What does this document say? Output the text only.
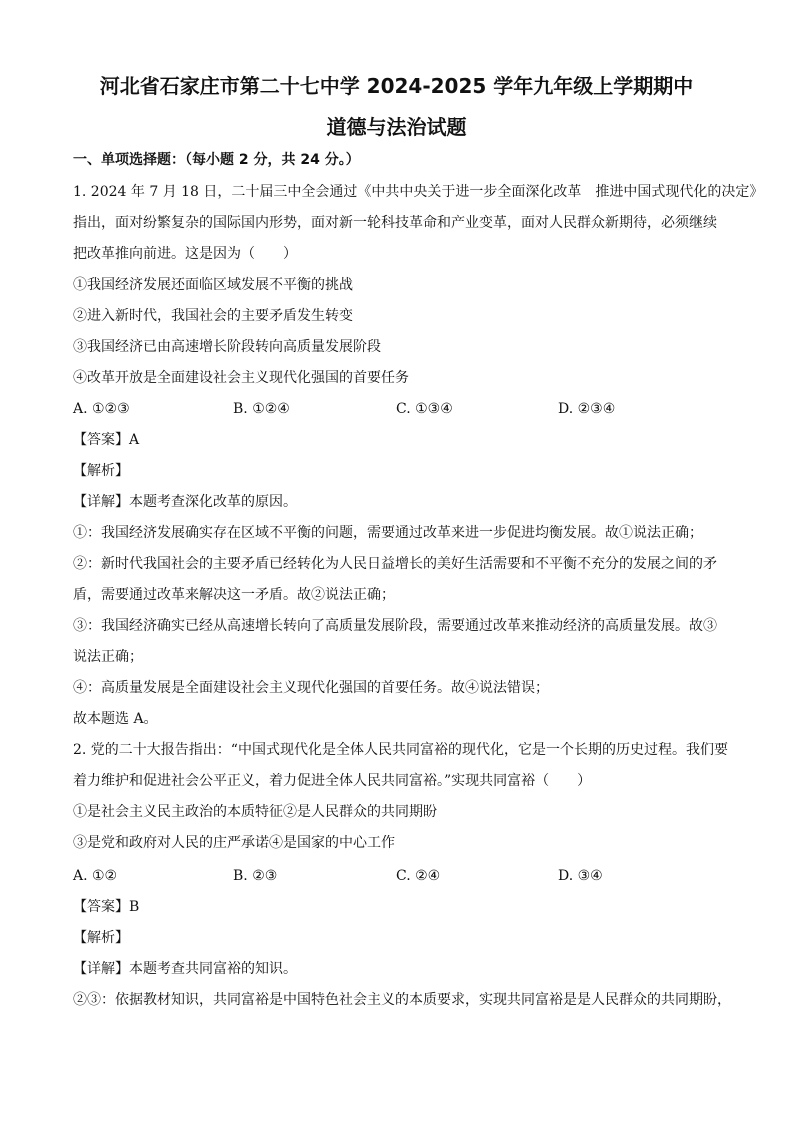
河北省石家庄市第二十七中学 2024-2025 学年九年级上学期期中
道德与法治试题
一、单项选择题：（每小题 2 分，共 24 分。）
1. 2024 年 7 月 18 日，二十届三中全会通过《中共中央关于进一步全面深化改革　推进中国式现代化的决定》
指出，面对纷繁复杂的国际国内形势，面对新一轮科技革命和产业变革，面对人民群众新期待，必须继续
把改革推向前进。这是因为（　　）
①我国经济发展还面临区域发展不平衡的挑战
②进入新时代，我国社会的主要矛盾发生转变
③我国经济已由高速增长阶段转向高质量发展阶段
④改革开放是全面建设社会主义现代化强国的首要任务
A. ①②③	B. ①②④	C. ①③④	D. ②③④
【答案】A
【解析】
【详解】本题考查深化改革的原因。
①：我国经济发展确实存在区域不平衡的问题，需要通过改革来进一步促进均衡发展。故①说法正确；
②：新时代我国社会的主要矛盾已经转化为人民日益增长的美好生活需要和不平衡不充分的发展之间的矛
盾，需要通过改革来解决这一矛盾。故②说法正确；
③：我国经济确实已经从高速增长转向了高质量发展阶段，需要通过改革来推动经济的高质量发展。故③
说法正确；
④：高质量发展是全面建设社会主义现代化强国的首要任务。故④说法错误；
故本题选 A。
2. 党的二十大报告指出：“中国式现代化是全体人民共同富裕的现代化，它是一个长期的历史过程。我们要
着力维护和促进社会公平正义，着力促进全体人民共同富裕。”实现共同富裕（　　）
①是社会主义民主政治的本质特征②是人民群众的共同期盼
③是党和政府对人民的庄严承诺④是国家的中心工作
A. ①②	B. ②③	C. ②④	D. ③④
【答案】B
【解析】
【详解】本题考查共同富裕的知识。
②③：依据教材知识，共同富裕是中国特色社会主义的本质要求，实现共同富裕是是人民群众的共同期盼，
